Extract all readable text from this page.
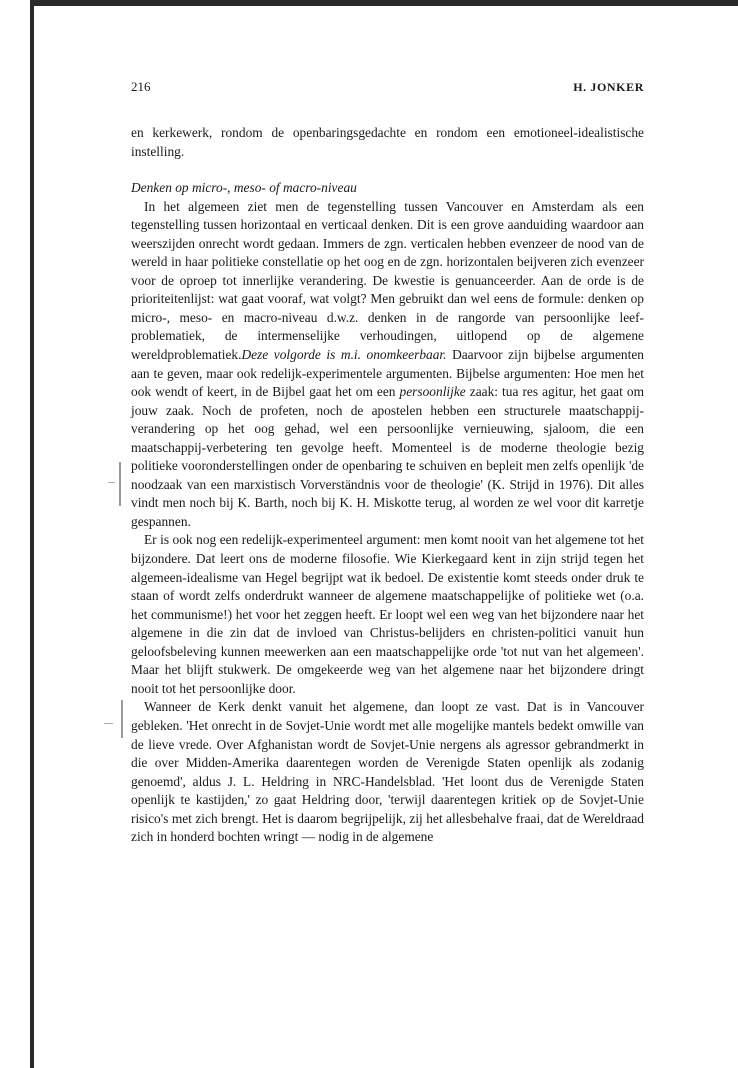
216	H. JONKER

en kerkewerk, rondom de openbaringsgedachte en rondom een emotioneel-idealistische instelling.

Denken op micro-, meso- of macro-niveau

In het algemeen ziet men de tegenstelling tussen Vancouver en Amsterdam als een tegenstelling tussen horizontaal en verticaal denken. Dit is een grove aanduiding waardoor aan weerszijden onrecht wordt gedaan. Immers de zgn. verticalen hebben evenzeer de nood van de wereld in haar politieke constellatie op het oog en de zgn. horizontalen beijveren zich evenzeer voor de oproep tot innerlijke verandering. De kwestie is genuanceerder. Aan de orde is de prioriteitenlijst: wat gaat vooraf, wat volgt? Men gebruikt dan wel eens de formule: denken op micro-, meso- en macro-niveau d.w.z. denken in de rangorde van persoonlijke leef-problematiek, de intermenselijke verhoudingen, uitlopend op de algemene wereldproblematiek.Deze volgorde is m.i. onomkeerbaar. Daarvoor zijn bijbelse argumenten aan te geven, maar ook redelijk-experimentele argumenten. Bijbelse argumenten: Hoe men het ook wendt of keert, in de Bijbel gaat het om een persoonlijke zaak: tua res agitur, het gaat om jouw zaak. Noch de profeten, noch de apostelen hebben een structurele maatschappij-verandering op het oog gehad, wel een persoonlijke vernieuwing, sjaloom, die een maatschappij-verbetering ten gevolge heeft. Momenteel is de moderne theologie bezig politieke vooronderstellingen onder de openbaring te schuiven en bepleit men zelfs openlijk 'de noodzaak van een marxistisch Vorverständnis voor de theologie' (K. Strijd in 1976). Dit alles vindt men noch bij K. Barth, noch bij K. H. Miskotte terug, al worden ze wel voor dit karretje gespannen.

Er is ook nog een redelijk-experimenteel argument: men komt nooit van het algemene tot het bijzondere. Dat leert ons de moderne filosofie. Wie Kierkegaard kent in zijn strijd tegen het algemeen-idealisme van Hegel begrijpt wat ik bedoel. De existentie komt steeds onder druk te staan of wordt zelfs onderdrukt wanneer de algemene maatschappelijke of politieke wet (o.a. het communisme!) het voor het zeggen heeft. Er loopt wel een weg van het bijzondere naar het algemene in die zin dat de invloed van Christus-belijders en christen-politici vanuit hun geloofsbeleving kunnen meewerken aan een maatschappelijke orde 'tot nut van het algemeen'. Maar het blijft stukwerk. De omgekeerde weg van het algemene naar het bijzondere dringt nooit tot het persoonlijke door.

Wanneer de Kerk denkt vanuit het algemene, dan loopt ze vast. Dat is in Vancouver gebleken. 'Het onrecht in de Sovjet-Unie wordt met alle mogelijke mantels bedekt omwille van de lieve vrede. Over Afghanistan wordt de Sovjet-Unie nergens als agressor gebrandmerkt in die over Midden-Amerika daarentegen worden de Verenigde Staten openlijk als zodanig genoemd', aldus J. L. Heldring in NRC-Handelsblad. 'Het loont dus de Verenigde Staten openlijk te kastijden,' zo gaat Heldring door, 'terwijl daarentegen kritiek op de Sovjet-Unie risico's met zich brengt. Het is daarom begrijpelijk, zij het allesbehalve fraai, dat de Wereldraad zich in honderd bochten wringt — nodig in de algemene
